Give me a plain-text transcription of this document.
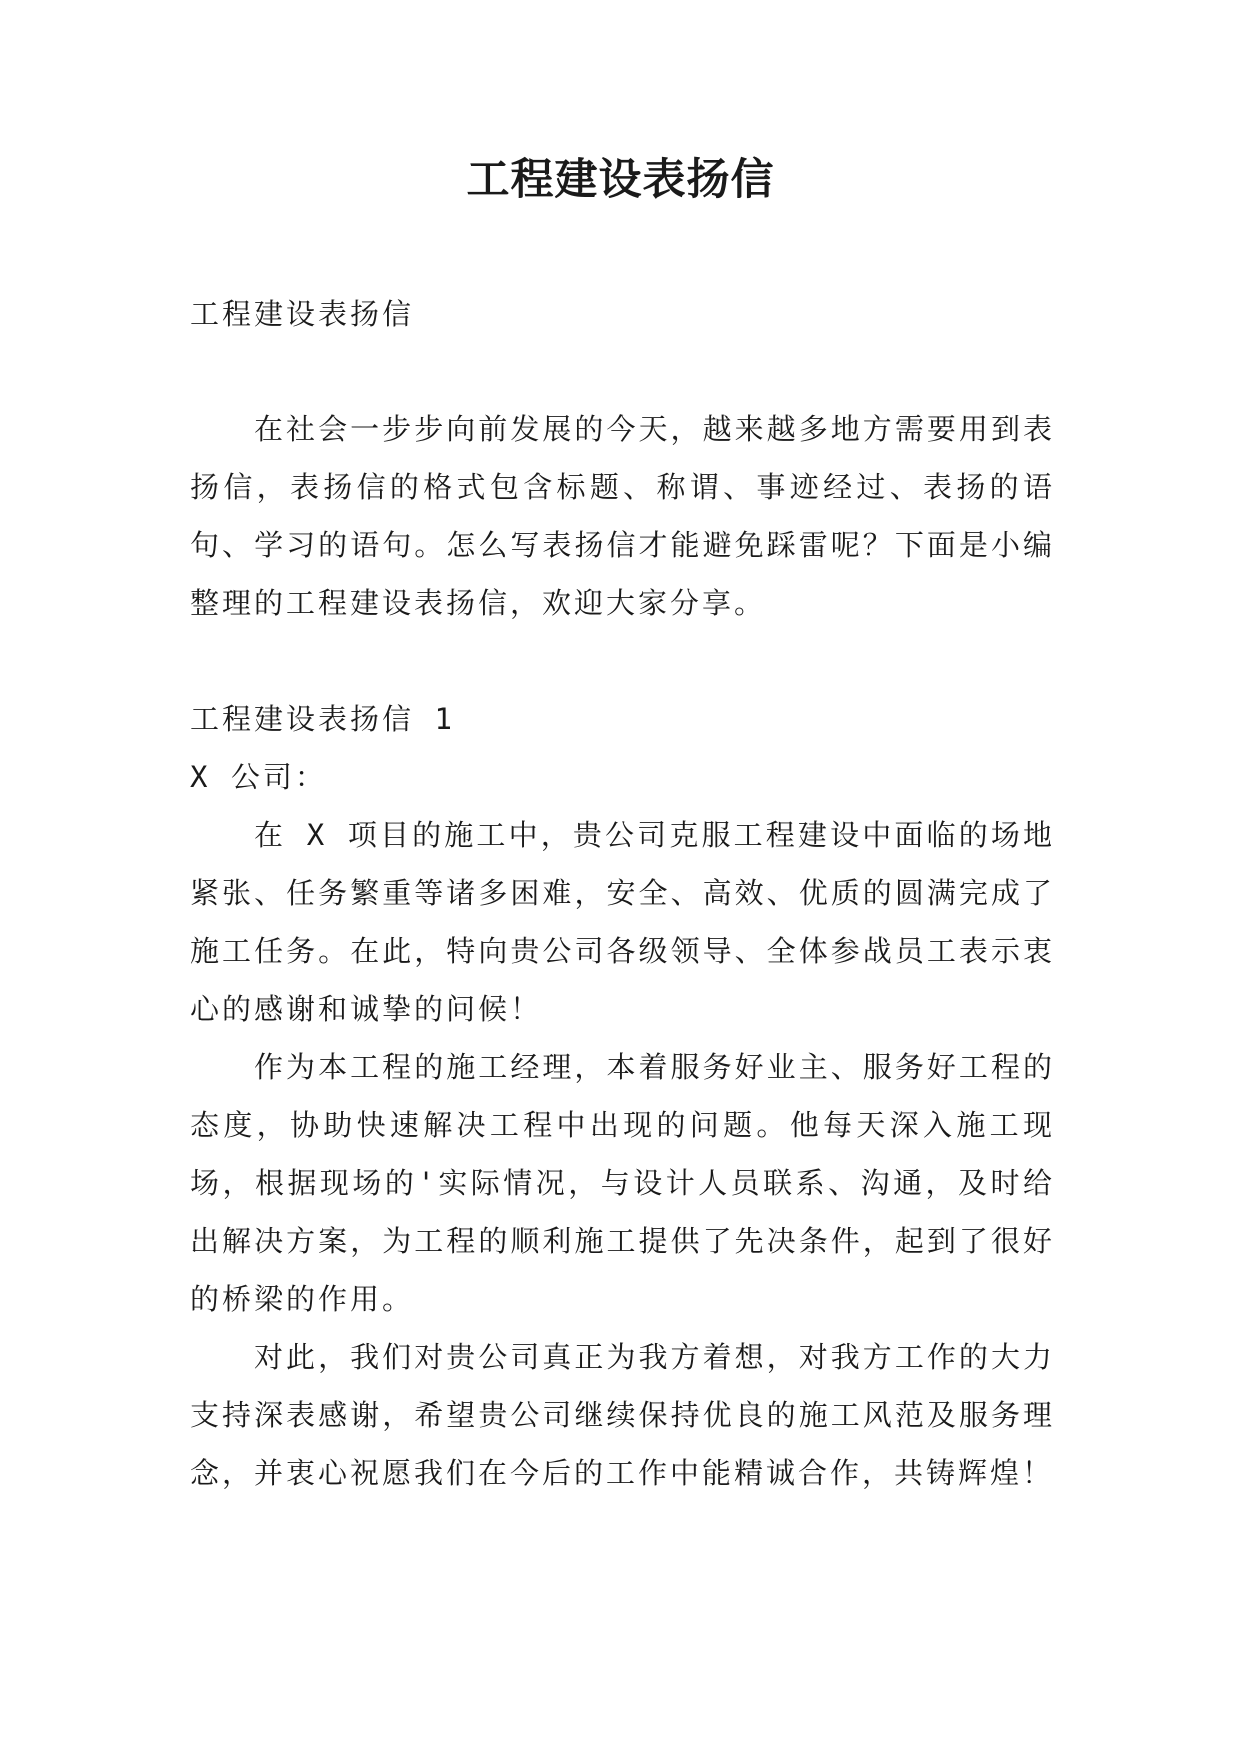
工程建设表扬信

工程建设表扬信

在社会一步步向前发展的今天，越来越多地方需要用到表扬信，表扬信的格式包含标题、称谓、事迹经过、表扬的语句、学习的语句。怎么写表扬信才能避免踩雷呢？下面是小编整理的工程建设表扬信，欢迎大家分享。

工程建设表扬信 1

X 公司：

在 X 项目的施工中，贵公司克服工程建设中面临的场地紧张、任务繁重等诸多困难，安全、高效、优质的圆满完成了施工任务。在此，特向贵公司各级领导、全体参战员工表示衷心的感谢和诚挚的问候！

作为本工程的施工经理，本着服务好业主、服务好工程的态度，协助快速解决工程中出现的问题。他每天深入施工现场，根据现场的'实际情况，与设计人员联系、沟通，及时给出解决方案，为工程的顺利施工提供了先决条件，起到了很好的桥梁的作用。

对此，我们对贵公司真正为我方着想，对我方工作的大力支持深表感谢，希望贵公司继续保持优良的施工风范及服务理念，并衷心祝愿我们在今后的工作中能精诚合作，共铸辉煌！
